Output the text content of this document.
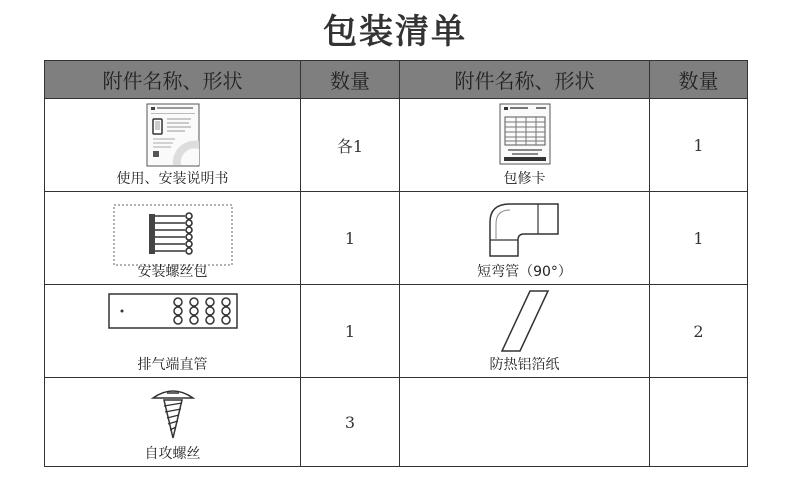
包装清单
附件名称、形状	数量	附件名称、形状	数量

使用、安装说明书	各1	包修卡	1

安装螺丝包	1	短弯管（90°）	1

排气端直管	1	防热铝箔纸	2

自攻螺丝	3	
